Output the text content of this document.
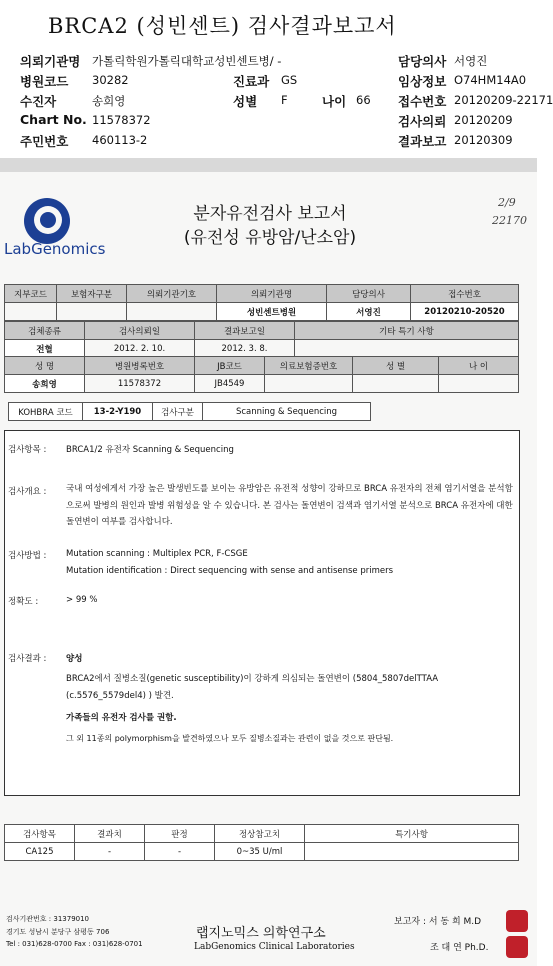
BRCA2 (성빈센트) 검사결과보고서
의뢰기관명 가톨릭학원가톨릭대학교성빈센트병/ -
병원코드 30282
수진자	송희영
Chart No. 11578372
주민번호 460113-2
진료과 GS
성별 F	나이 66
담당의사 서영진
임상정보 O74HM14A0
접수번호 20120209-22171
검사의뢰 20120209
결과보고 20120309
LabGenomics
분자유전검사 보고서
(유전성 유방암/난소암)
2/9
22170
지부코드	보험자구분	의뢰기관기호	의뢰기관명	담당의사	접수번호
			성빈센트병원	서영진	20120210-20520
검체종류	검사의뢰일	결과보고일	기타 특기 사항
전혈	2012. 2. 10.	2012. 3. 8.	
성 명	병원병록번호	JB코드	의료보험증번호	성 별	나 이
송희영	11578372	JB4549			
KOHBRA 코드	13-2-Y190	검사구분	Scanning & Sequencing
검사항목 : BRCA1/2 유전자 Scanning & Sequencing
검사개요 : 국내 여성에게서 가장 높은 발생빈도를 보이는 유방암은 유전적 성향이 강하므로 BRCA 유전자의 전체 염기서열을 분석함으로써 발병의 원인과 발병 위험성을 알 수 있습니다. 본 검사는 돌연변이 검색과 염기서열 분석으로 BRCA 유전자에 대한 돌연변이 여부를 검사합니다.
검사방법 : Mutation scanning : Multiplex PCR, F-CSGE
Mutation identification : Direct sequencing with sense and antisense primers
정확도 :	> 99 %
검사결과 : 양성
BRCA2에서 질병소질(genetic susceptibility)이 강하게 의심되는 돌연변이 (5804_5807delTTAA
(c.5576_5579del4) ) 발견.
가족들의 유전자 검사를 권함.
그 외 11종의 polymorphism을 발견하였으나 모두 질병소질과는 관련이 없을 것으로 판단됨.
검사항목	결과치	판정	정상참고치	특기사항
CA125	-	-	0~35 U/ml	
검사기관번호 : 31379010
경기도 성남시 분당구 삼평동 706
Tel : 031)628-0700 Fax : 031)628-0701
랩지노믹스 의학연구소
LabGenomics Clinical Laboratories
보고자 : 서 동 희 M.D
조 대 연 Ph.D.
